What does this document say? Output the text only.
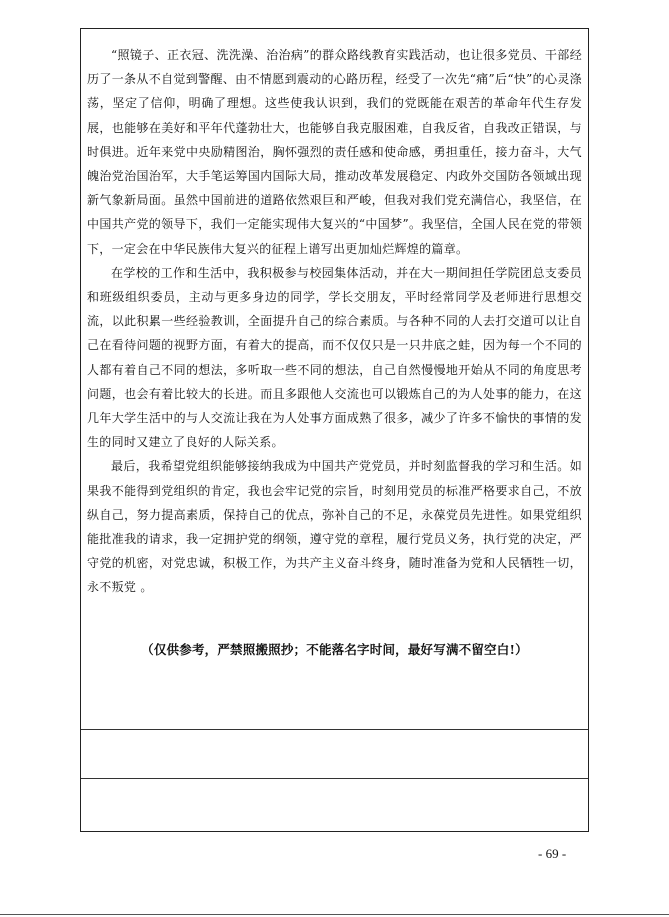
“照镜子、正衣冠、洗洗澡、治治病”的群众路线教育实践活动，也让很多党员、干部经历了一条从不自觉到警醒、由不情愿到震动的心路历程，经受了一次先“痛”后“快”的心灵涤荡，坚定了信仰，明确了理想。这些使我认识到，我们的党既能在艰苦的革命年代生存发展，也能够在美好和平年代蓬勃壮大，也能够自我克服困难，自我反省，自我改正错误，与时俱进。近年来党中央励精图治，胸怀强烈的责任感和使命感，勇担重任，接力奋斗，大气魄治党治国治军，大手笔运筹国内国际大局，推动改革发展稳定、内政外交国防各领域出现新气象新局面。虽然中国前进的道路依然艰巨和严峻，但我对我们党充满信心，我坚信，在中国共产党的领导下，我们一定能实现伟大复兴的“中国梦”。我坚信，全国人民在党的带领下，一定会在中华民族伟大复兴的征程上谱写出更加灿烂辉煌的篇章。

在学校的工作和生活中，我积极参与校园集体活动，并在大一期间担任学院团总支委员和班级组织委员，主动与更多身边的同学，学长交朋友，平时经常同学及老师进行思想交流，以此积累一些经验教训，全面提升自己的综合素质。与各种不同的人去打交道可以让自己在看待问题的视野方面，有着大的提高，而不仅仅只是一只井底之蛙，因为每一个不同的人都有着自己不同的想法，多听取一些不同的想法，自己自然慢慢地开始从不同的角度思考问题，也会有着比较大的长进。而且多跟他人交流也可以锻炼自己的为人处事的能力，在这几年大学生活中的与人交流让我在为人处事方面成熟了很多，减少了许多不愉快的事情的发生的同时又建立了良好的人际关系。

最后，我希望党组织能够接纳我成为中国共产党党员，并时刻监督我的学习和生活。如果我不能得到党组织的肯定，我也会牢记党的宗旨，时刻用党员的标准严格要求自己，不放纵自己，努力提高素质，保持自己的优点，弥补自己的不足，永葆党员先进性。如果党组织能批准我的请求，我一定拥护党的纲领，遵守党的章程，履行党员义务，执行党的决定，严守党的机密，对党忠诚，积极工作，为共产主义奋斗终身，随时准备为党和人民牺牲一切，永不叛党 。

（仅供参考，严禁照搬照抄；不能落名字时间，最好写满不留空白!）
- 69 -
